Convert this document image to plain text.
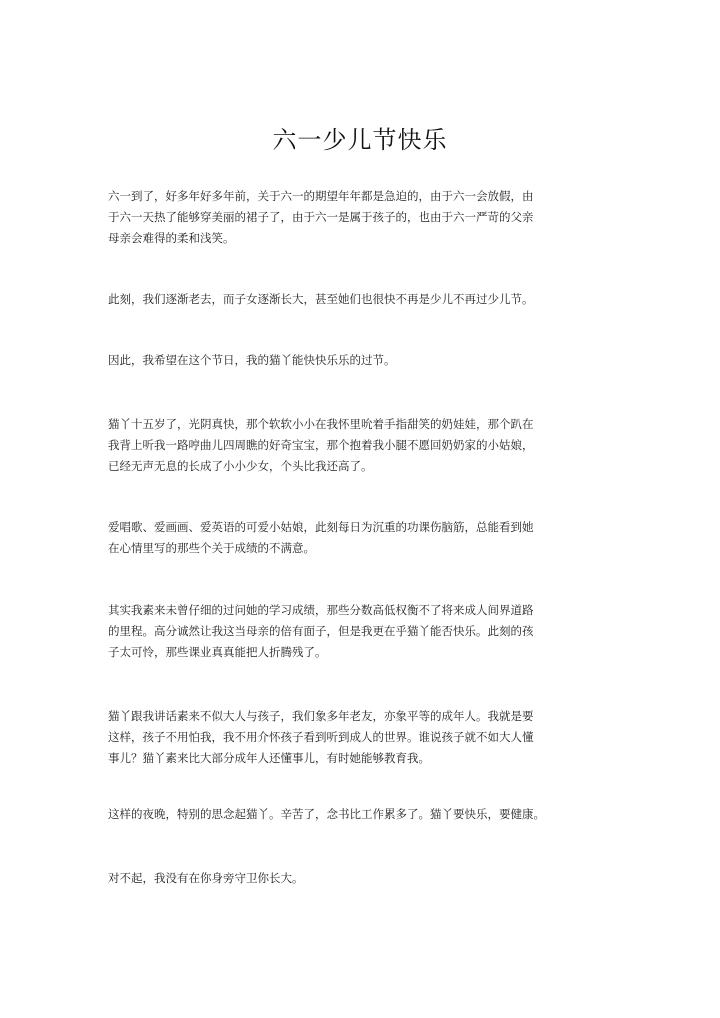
六一少儿节快乐
六一到了，好多年好多年前，关于六一的期望年年都是急迫的，由于六一会放假，由
于六一天热了能够穿美丽的裙子了，由于六一是属于孩子的，也由于六一严苛的父亲
母亲会难得的柔和浅笑。
此刻，我们逐渐老去，而子女逐渐长大，甚至她们也很快不再是少儿不再过少儿节。
因此，我希望在这个节日，我的猫丫能快快乐乐的过节。
猫丫十五岁了，光阴真快，那个软软小小在我怀里吮着手指甜笑的奶娃娃，那个趴在
我背上听我一路哼曲儿四周瞧的好奇宝宝，那个抱着我小腿不愿回奶奶家的小姑娘，
已经无声无息的长成了小小少女，个头比我还高了。
爱唱歌、爱画画、爱英语的可爱小姑娘，此刻每日为沉重的功课伤脑筋，总能看到她
在心情里写的那些个关于成绩的不满意。
其实我素来未曾仔细的过问她的学习成绩，那些分数高低权衡不了将来成人间界道路
的里程。高分诚然让我这当母亲的倍有面子，但是我更在乎猫丫能否快乐。此刻的孩
子太可怜，那些课业真真能把人折腾残了。
猫丫跟我讲话素来不似大人与孩子，我们象多年老友，亦象平等的成年人。我就是要
这样，孩子不用怕我，我不用介怀孩子看到听到成人的世界。谁说孩子就不如大人懂
事儿？猫丫素来比大部分成年人还懂事儿，有时她能够教育我。
这样的夜晚，特别的思念起猫丫。辛苦了，念书比工作累多了。猫丫要快乐，要健康。
对不起，我没有在你身旁守卫你长大。
